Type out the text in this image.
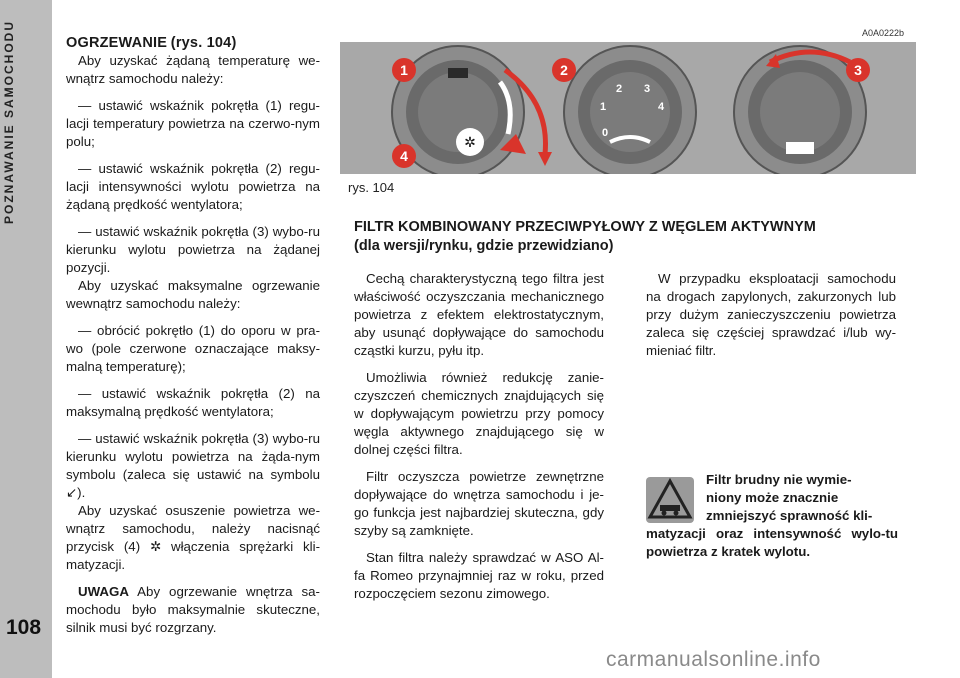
POZNAWANIE SAMOCHODU
108

OGRZEWANIE (rys. 104)

Aby uzyskać żądaną temperaturę we-wnątrz samochodu należy:

— ustawić wskaźnik pokrętła (1) regu-lacji temperatury powietrza na czerwo-nym polu;

— ustawić wskaźnik pokrętła (2) regu-lacji intensywności wylotu powietrza na żądaną prędkość wentylatora;

— ustawić wskaźnik pokrętła (3) wybo-ru kierunku wylotu powietrza na żądanej pozycji.

Aby uzyskać maksymalne ogrzewanie wewnątrz samochodu należy:

— obrócić pokrętło (1) do oporu w pra-wo (pole czerwone oznaczające maksy-malną temperaturę);

— ustawić wskaźnik pokrętła (2) na maksymalną prędkość wentylatora;

— ustawić wskaźnik pokrętła (3) wybo-ru kierunku wylotu powietrza na żąda-nym symbolu (zaleca się ustawić na symbolu ↙).

Aby uzyskać osuszenie powietrza we-wnątrz samochodu, należy nacisnąć przycisk (4) ✲ włączenia sprężarki kli-matyzacji.

UWAGA Aby ogrzewanie wnętrza sa-mochodu było maksymalnie skuteczne, silnik musi być rozgrzany.

A0A0222b
✲
0
1
2 3
4
1	2	3
4
rys. 104
FILTR KOMBINOWANY PRZECIWPYŁOWY Z WĘGLEM AKTYWNYM
(dla wersji/rynku, gdzie przewidziano)

Cechą charakterystyczną tego filtra jest właściwość oczyszczania mechanicznego powietrza z efektem elektrostatycznym, aby usunąć dopływające do samochodu cząstki kurzu, pyłu itp.

Umożliwia również redukcję zanie-czyszczeń chemicznych znajdujących się w dopływającym powietrzu przy pomocy węgla aktywnego znajdującego się w dolnej części filtra.

Filtr oczyszcza powietrze zewnętrzne dopływające do wnętrza samochodu i je-go funkcja jest najbardziej skuteczna, gdy szyby są zamknięte.

Stan filtra należy sprawdzać w ASO Al-fa Romeo przynajmniej raz w roku, przed rozpoczęciem sezonu zimowego.

W przypadku eksploatacji samochodu na drogach zapylonych, zakurzonych lub przy dużym zanieczyszczeniu powietrza zaleca się częściej sprawdzać i/lub wy-mieniać filtr.

Filtr brudny nie wymie-
niony może znacznie
zmniejszyć sprawność kli-
matyzacji oraz intensywność wylo-tu powietrza z kratek wylotu.
carmanualsonline.info
